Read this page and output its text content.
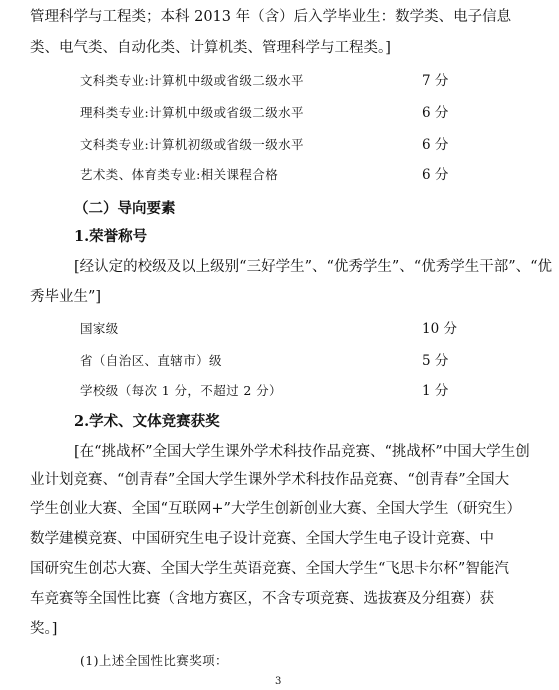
管理科学与工程类；本科 2013 年（含）后入学毕业生：数学类、电子信息
类、电气类、自动化类、计算机类、管理科学与工程类。]
文科类专业:计算机中级或省级二级水平	7 分
理科类专业:计算机中级或省级二级水平	6 分
文科类专业:计算机初级或省级一级水平	6 分
艺术类、体育类专业:相关课程合格	6 分
（二）导向要素
1.荣誉称号
[经认定的校级及以上级别“三好学生”、“优秀学生”、“优秀学生干部”、“优
秀毕业生”]
国家级	10 分
省（自治区、直辖市）级	5 分
学校级（每次 1 分，不超过 2 分）	1 分
2.学术、文体竞赛获奖
[在“挑战杯”全国大学生课外学术科技作品竞赛、“挑战杯”中国大学生创
业计划竞赛、“创青春”全国大学生课外学术科技作品竞赛、“创青春”全国大
学生创业大赛、全国“互联网+”大学生创新创业大赛、全国大学生（研究生）
数学建模竞赛、中国研究生电子设计竞赛、全国大学生电子设计竞赛、中
国研究生创芯大赛、全国大学生英语竞赛、全国大学生“飞思卡尔杯”智能汽
车竞赛等全国性比赛（含地方赛区，不含专项竞赛、选拔赛及分组赛）获
奖。]
(1)上述全国性比赛奖项：
3
